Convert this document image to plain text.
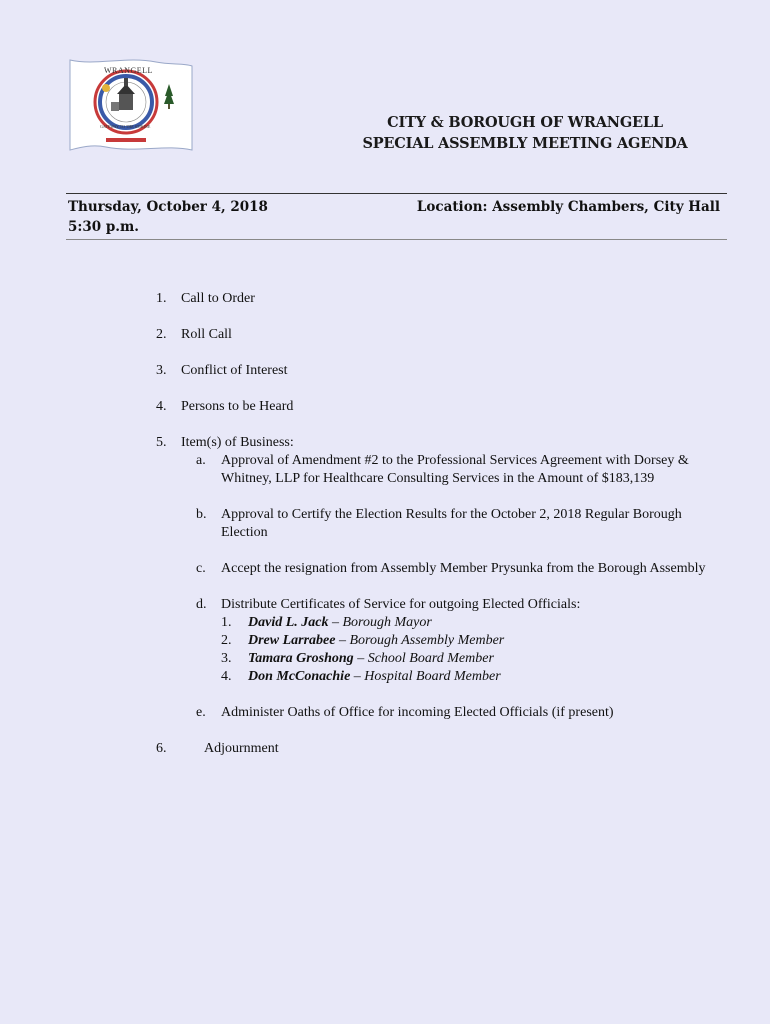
WRANGELL
GATEWAY TO THE STIKINE
INCORPORATED JUNE 1903
CITY & BOROUGH OF WRANGELL
SPECIAL ASSEMBLY MEETING AGENDA
Thursday, October 4, 2018
5:30 p.m.
Location: Assembly Chambers, City Hall
1. Call to Order
2. Roll Call
3. Conflict of Interest
4. Persons to be Heard
5. Item(s) of Business:
a. Approval of Amendment #2 to the Professional Services Agreement with Dorsey & Whitney, LLP for Healthcare Consulting Services in the Amount of $183,139
b. Approval to Certify the Election Results for the October 2, 2018 Regular Borough Election
c. Accept the resignation from Assembly Member Prysunka from the Borough Assembly
d. Distribute Certificates of Service for outgoing Elected Officials:
1. David L. Jack – Borough Mayor
2. Drew Larrabee – Borough Assembly Member
3. Tamara Groshong – School Board Member
4. Don McConachie – Hospital Board Member
e. Administer Oaths of Office for incoming Elected Officials (if present)
6.	Adjournment
